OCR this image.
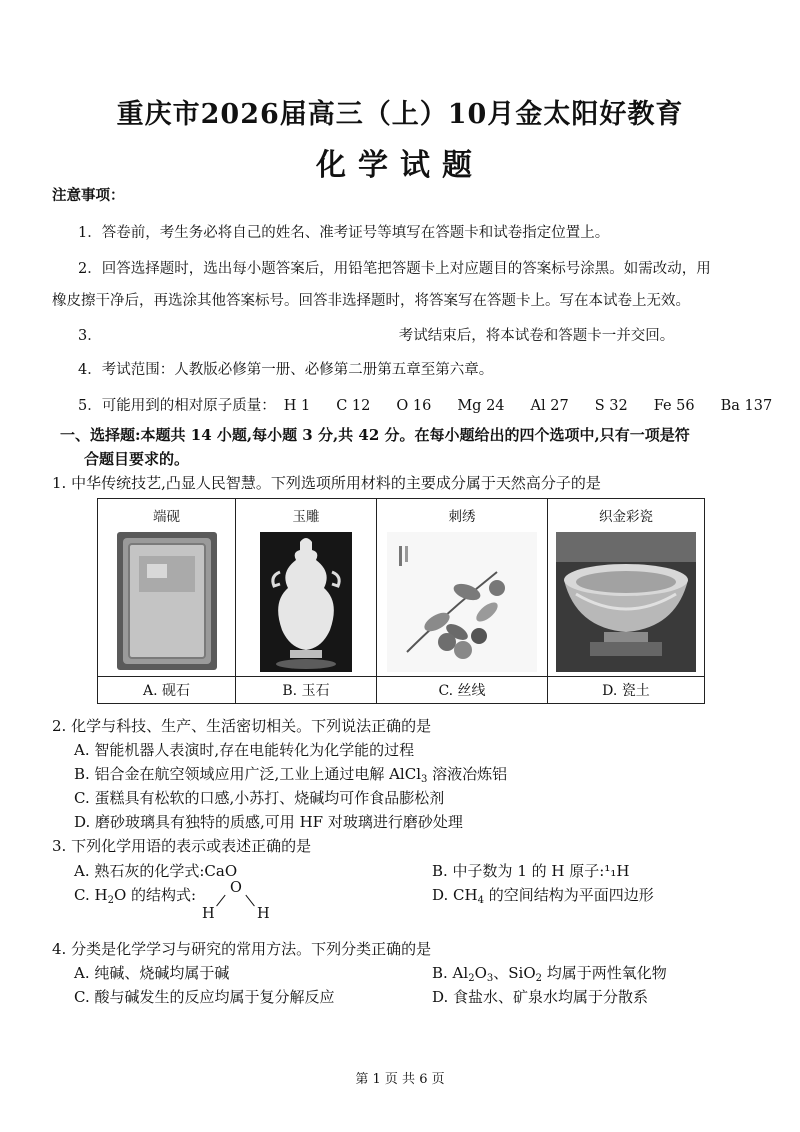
重庆市2026届高三（上）10月金太阳好教育
化学试题
注意事项：
1．答卷前，考生务必将自己的姓名、准考证号等填写在答题卡和试卷指定位置上。
2．回答选择题时，选出每小题答案后，用铅笔把答题卡上对应题目的答案标号涂黑。如需改动，用
橡皮擦干净后，再选涂其他答案标号。回答非选择题时，将答案写在答题卡上。写在本试卷上无效。
3．	考试结束后，将本试卷和答题卡一并交回。
4．考试范围：人教版必修第一册、必修第二册第五章至第六章。
5．可能用到的相对原子质量： H 1 C 12 O 16 Mg 24 Al 27 S 32 Fe 56 Ba 137
一、选择题:本题共 14 小题,每小题 3 分,共 42 分。在每小题给出的四个选项中,只有一项是符
合题目要求的。
1. 中华传统技艺,凸显人民智慧。下列选项所用材料的主要成分属于天然高分子的是
端砚	玉雕	刺绣	织金彩瓷

A. 砚石	B. 玉石	C. 丝线	D. 瓷土
2. 化学与科技、生产、生活密切相关。下列说法正确的是
A. 智能机器人表演时,存在电能转化为化学能的过程
B. 铝合金在航空领域应用广泛,工业上通过电解 AlCl$_3$ 溶液冶炼铝
C. 蛋糕具有松软的口感,小苏打、烧碱均可作食品膨松剂
D. 磨砂玻璃具有独特的质感,可用 HF 对玻璃进行磨砂处理
3. 下列化学用语的表示或表述正确的是
A. 熟石灰的化学式:CaO	B. 中子数为 1 的 H 原子:¹₁H
C. $H_2O$ 的结构式: O
H	H
D. $CH_4$ 的空间结构为平面四边形
4. 分类是化学学习与研究的常用方法。下列分类正确的是
A. 纯碱、烧碱均属于碱	B. $Al_2O_3$、SiO$_2$ 均属于两性氧化物
C. 酸与碱发生的反应均属于复分解反应	D. 食盐水、矿泉水均属于分散系
第 1 页 共 6 页
